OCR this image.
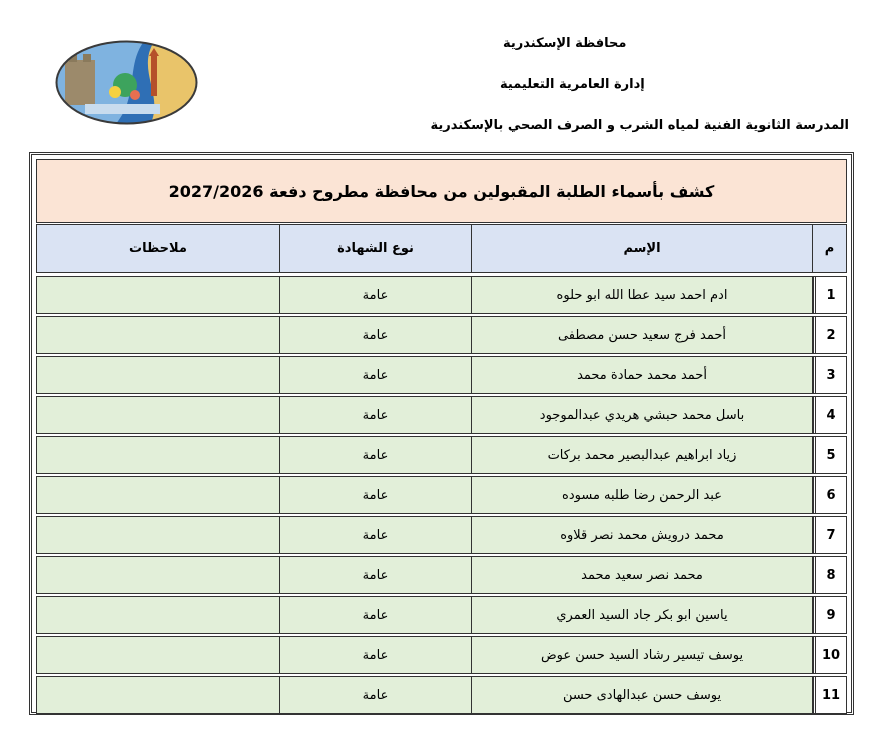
محافظة الإسكندرية
إدارة العامرية التعليمية
المدرسة الثانوية الفنية لمياه الشرب و الصرف الصحي بالإسكندرية
كشف بأسماء الطلبة المقبولين من محافظة مطروح دفعة 2027/2026
ملاحظات	نوع الشهادة	الإسم	م
عامة	ادم احمد سيد عطا الله ابو حلوه	1
عامة	أحمد فرج سعيد حسن مصطفى	2
عامة	أحمد محمد حمادة محمد	3
عامة	باسل محمد حبشي هريدي عبدالموجود	4
عامة	زياد ابراهيم عبدالبصير محمد بركات	5
عامة	عبد الرحمن رضا طلبه مسوده	6
عامة	محمد درويش محمد نصر قلاوه	7
عامة	محمد نصر سعيد محمد	8
عامة	ياسين ابو بكر جاد السيد العمري	9
عامة	يوسف تيسير رشاد السيد حسن عوض	10
عامة	يوسف حسن عبدالهادى حسن	11
